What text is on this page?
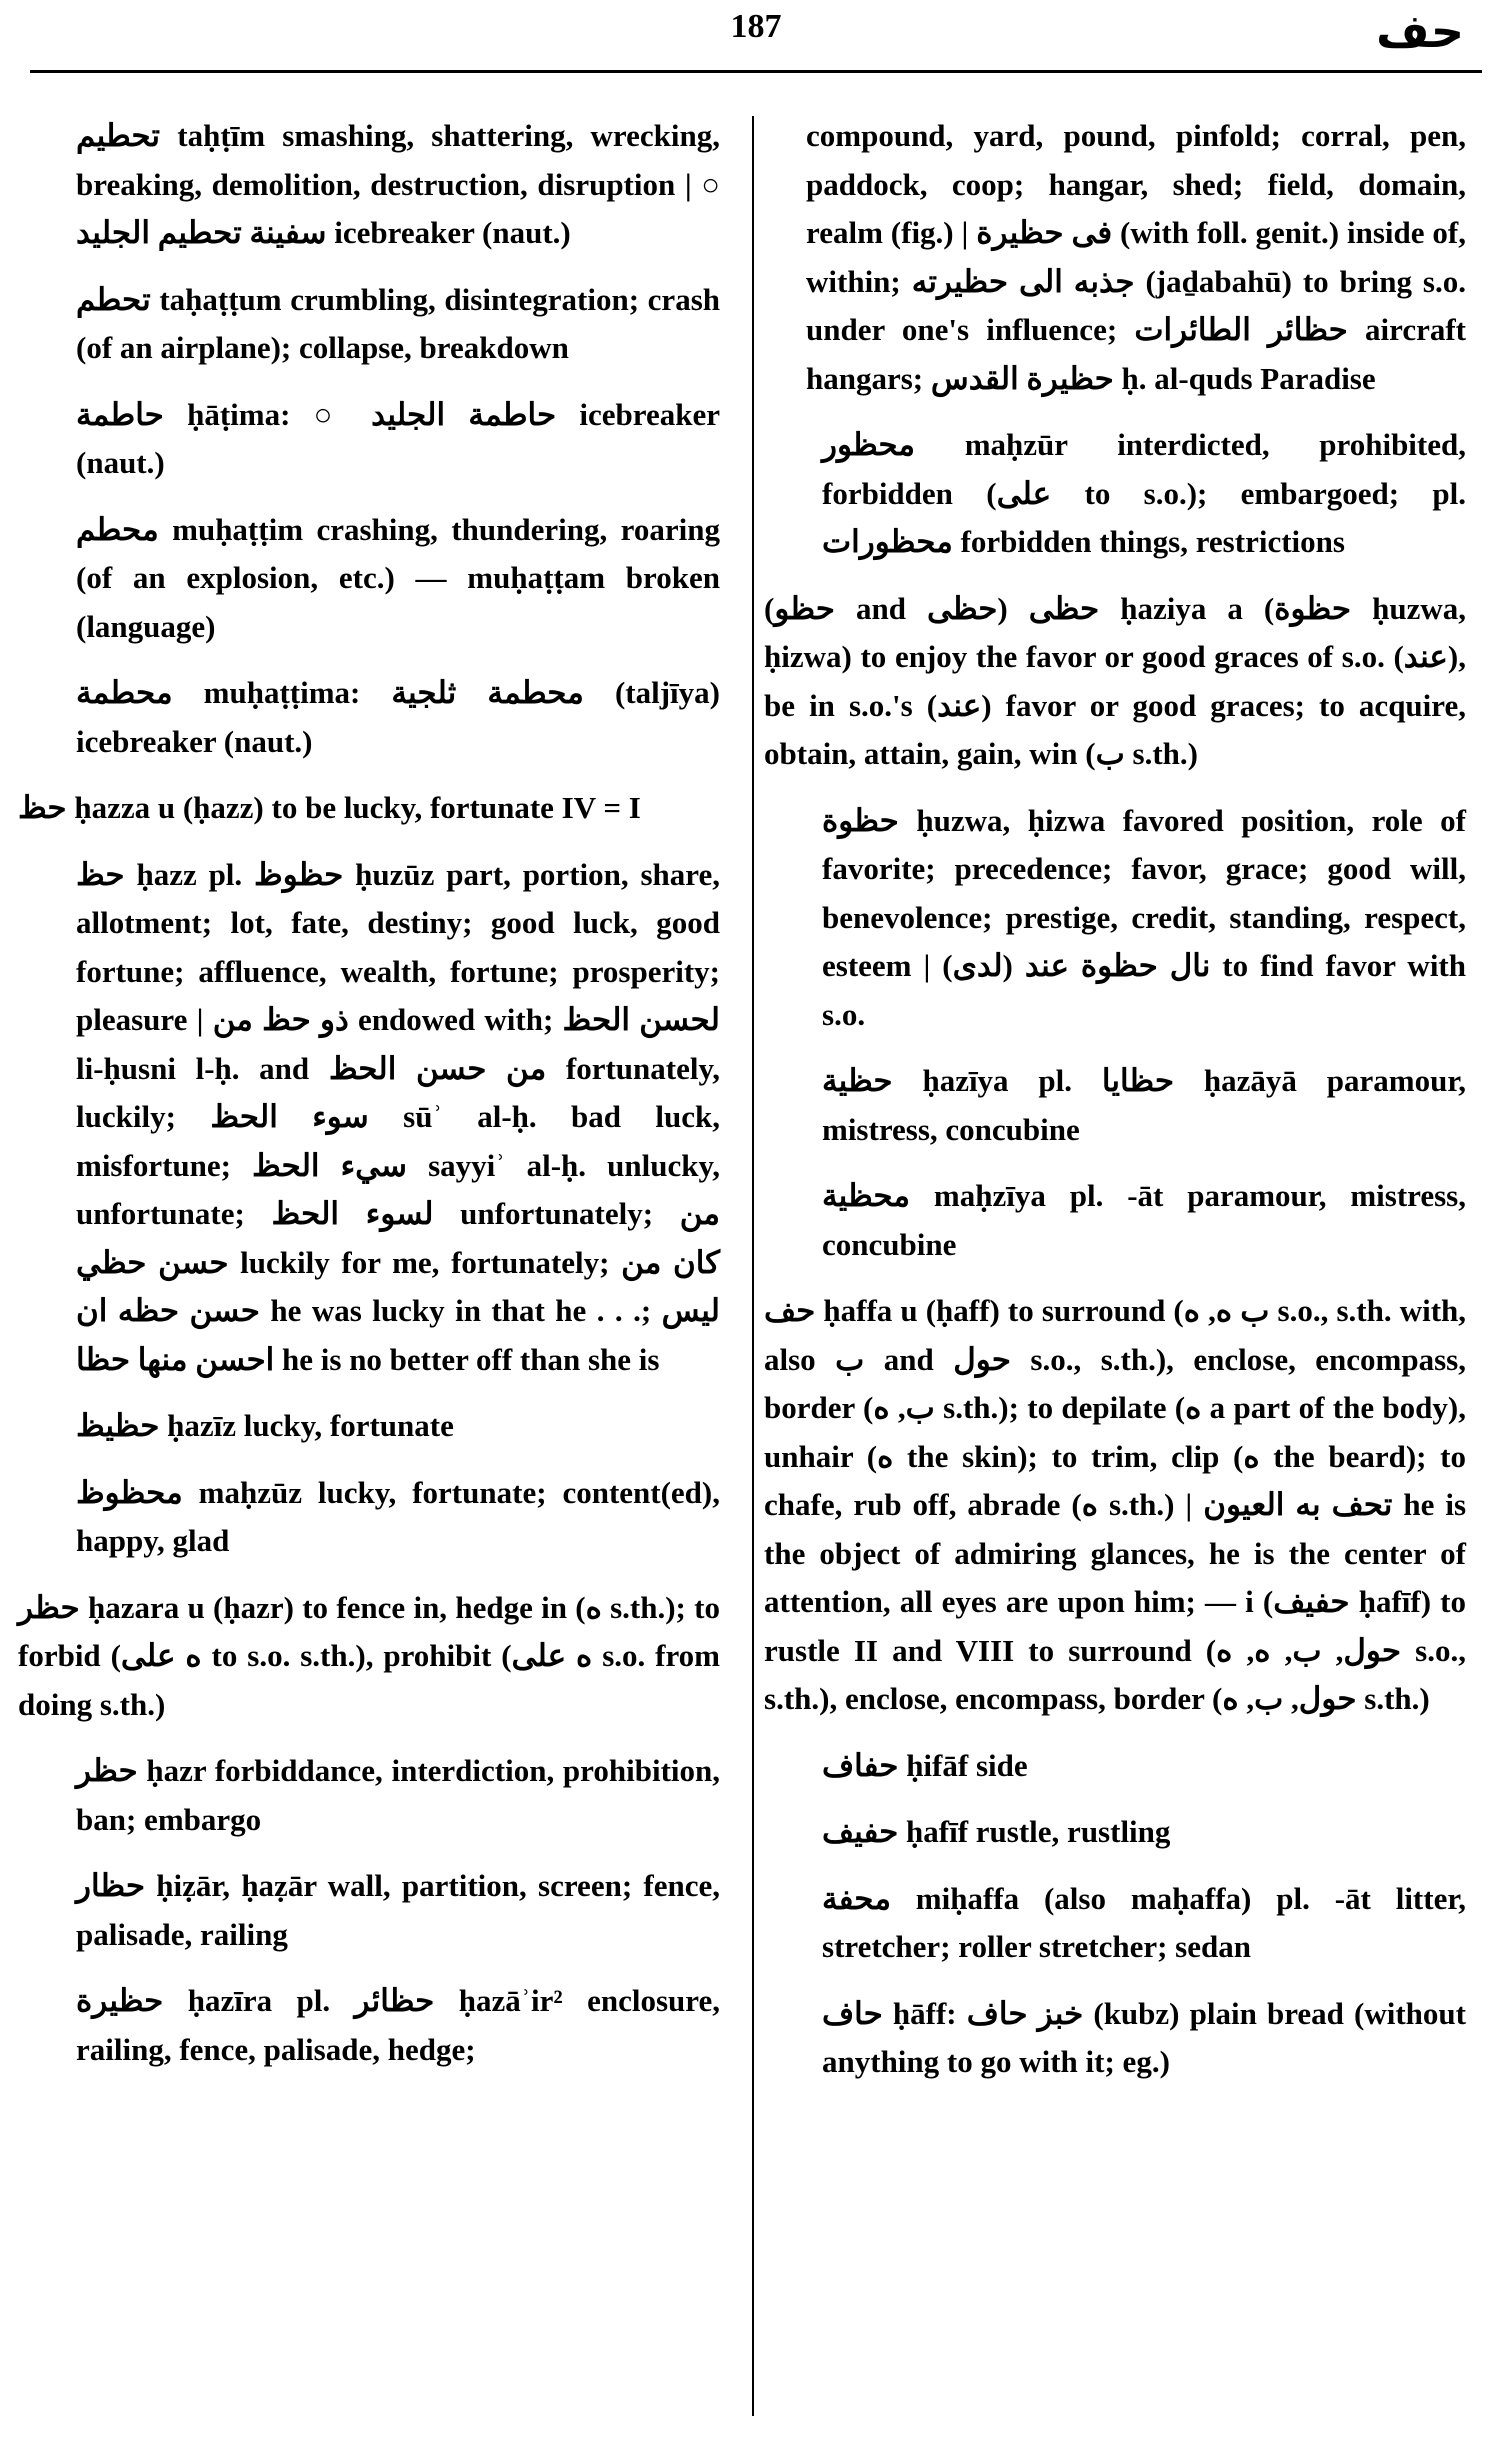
187	حف

تحطيم taḥṭīm smashing, shattering, wrecking, breaking, demolition, destruction, disruption | ○ سفينة تحطيم الجليد icebreaker (naut.)

تحطم taḥaṭṭum crumbling, disintegration; crash (of an airplane); collapse, breakdown

حاطمة ḥāṭima: ○ حاطمة الجليد icebreaker (naut.)

محطم muḥaṭṭim crashing, thundering, roaring (of an explosion, etc.) — muḥaṭṭam broken (language)

محطمة muḥaṭṭima: محطمة ثلجية (taljīya) icebreaker (naut.)

حظ ḥazza u (ḥazz) to be lucky, fortunate IV = I

حظ ḥazz pl. حظوظ ḥuzūz part, portion, share, allotment; lot, fate, destiny; good luck, good fortune; affluence, wealth, fortune; prosperity; pleasure | ذو حظ من endowed with; لحسن الحظ li-ḥusni l-ḥ. and من حسن الحظ fortunately, luckily; سوء الحظ sūʾ al-ḥ. bad luck, misfortune; سيء الحظ sayyiʾ al-ḥ. unlucky, unfortunate; لسوء الحظ unfortunately; من حسن حظي luckily for me, fortunately; كان من حسن حظه ان he was lucky in that he . . .; ليس احسن منها حظا he is no better off than she is

حظيظ ḥazīz lucky, fortunate

محظوظ maḥzūz lucky, fortunate; content(ed), happy, glad

حظر ḥazara u (ḥazr) to fence in, hedge in (ه s.th.); to forbid (ه على to s.o. s.th.), prohibit (ه على s.o. from doing s.th.)

حظر ḥazr forbiddance, interdiction, prohibition, ban; embargo

حظار ḥiẓār, ḥaẓār wall, partition, screen; fence, palisade, railing

حظيرة ḥazīra pl. حظائر ḥazāʾir² enclosure, railing, fence, palisade, hedge;

compound, yard, pound, pinfold; corral, pen, paddock, coop; hangar, shed; field, domain, realm (fig.) | فى حظيرة (with foll. genit.) inside of, within; جذبه الى حظيرته (jaḏabahū) to bring s.o. under one's influence; حظائر الطائرات aircraft hangars; حظيرة القدس ḥ. al-quds Paradise

محظور maḥzūr interdicted, prohibited, forbidden (على to s.o.); embargoed; pl. محظورات forbidden things, restrictions

(حظو and حظى) حظى ḥaziya a (حظوة ḥuzwa, ḥizwa) to enjoy the favor or good graces of s.o. (عند), be in s.o.'s (عند) favor or good graces; to acquire, obtain, attain, gain, win (ب s.th.)

حظوة ḥuzwa, ḥizwa favored position, role of favorite; precedence; favor, grace; good will, benevolence; prestige, credit, standing, respect, esteem | نال حظوة عند (لدى) to find favor with s.o.

حظية ḥazīya pl. حظايا ḥazāyā paramour, mistress, concubine

محظية maḥzīya pl. -āt paramour, mistress, concubine

حف ḥaffa u (ḥaff) to surround (ب ه, ه s.o., s.th. with, also ب and حول s.o., s.th.), enclose, encompass, border (ب, ه s.th.); to depilate (ه a part of the body), unhair (ه the skin); to trim, clip (ه the beard); to chafe, rub off, abrade (ه s.th.) | تحف به العيون he is the object of admiring glances, he is the center of attention, all eyes are upon him; — i (حفيف ḥafīf) to rustle II and VIII to surround (حول, ب, ه, ه s.o., s.th.), enclose, encompass, border (حول, ب, ه s.th.)

حفاف ḥifāf side

حفيف ḥafīf rustle, rustling

محفة miḥaffa (also maḥaffa) pl. -āt litter, stretcher; roller stretcher; sedan

حاف ḥāff: خبز حاف (kubz) plain bread (without anything to go with it; eg.)
